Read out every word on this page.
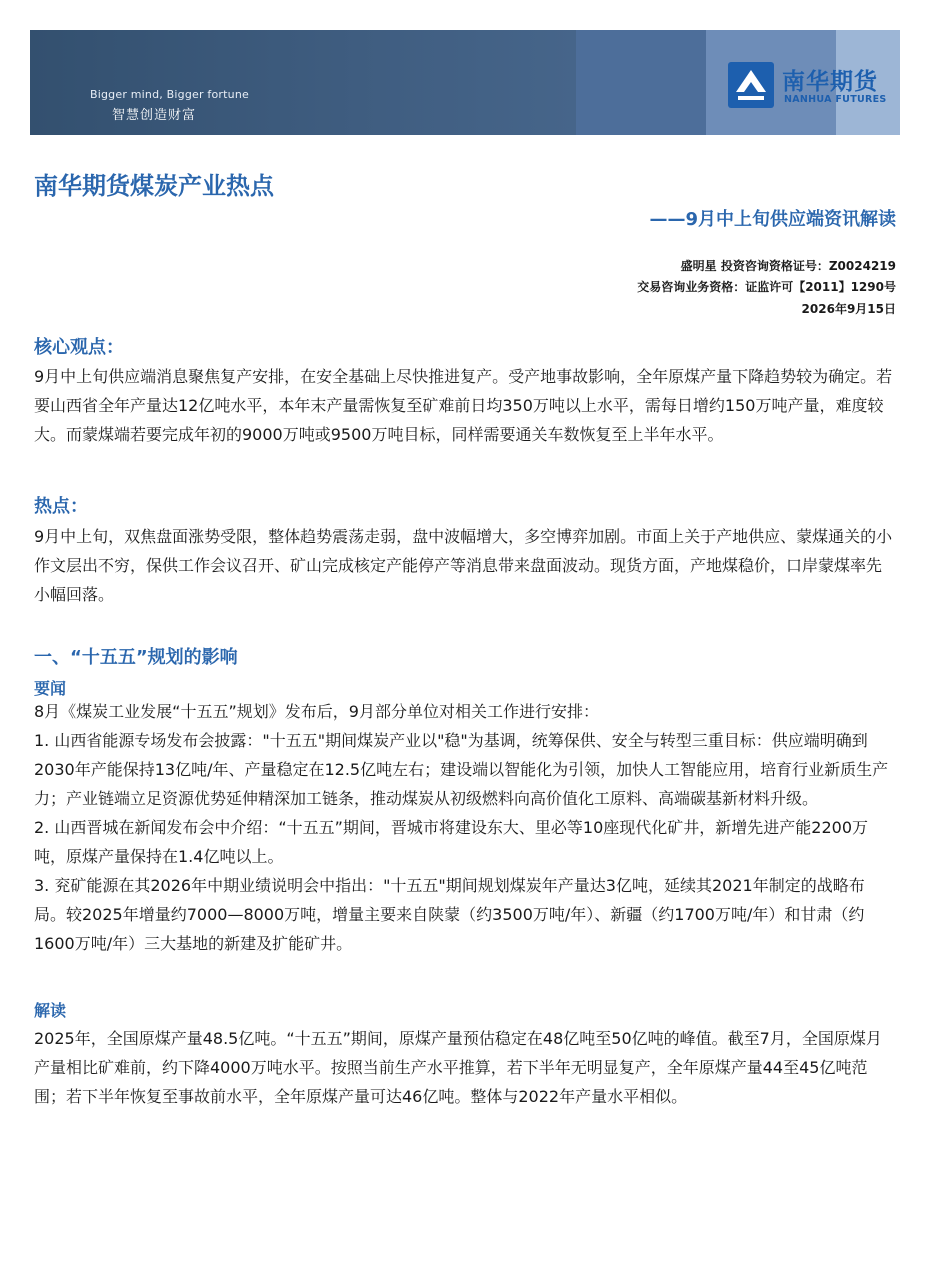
Bigger mind, Bigger fortune
智慧创造财富
南华期货
NANHUA FUTURES
南华期货煤炭产业热点
——9月中上旬供应端资讯解读
盛明星 投资咨询资格证号：Z0024219
交易咨询业务资格：证监许可【2011】1290号
2026年9月15日
核心观点：
9月中上旬供应端消息聚焦复产安排，在安全基础上尽快推进复产。受产地事故影响，全年原煤产量下降趋势较为确定。若要山西省全年产量达12亿吨水平，本年末产量需恢复至矿难前日均350万吨以上水平，需每日增约150万吨产量，难度较大。而蒙煤端若要完成年初的9000万吨或9500万吨目标，同样需要通关车数恢复至上半年水平。
热点：
9月中上旬，双焦盘面涨势受限，整体趋势震荡走弱，盘中波幅增大，多空博弈加剧。市面上关于产地供应、蒙煤通关的小作文层出不穷，保供工作会议召开、矿山完成核定产能停产等消息带来盘面波动。现货方面，产地煤稳价，口岸蒙煤率先小幅回落。
一、“十五五”规划的影响
要闻

8月《煤炭工业发展“十五五”规划》发布后，9月部分单位对相关工作进行安排：

1. 山西省能源专场发布会披露："十五五"期间煤炭产业以"稳"为基调，统筹保供、安全与转型三重目标：供应端明确到2030年产能保持13亿吨/年、产量稳定在12.5亿吨左右；建设端以智能化为引领，加快人工智能应用，培育行业新质生产力；产业链端立足资源优势延伸精深加工链条，推动煤炭从初级燃料向高价值化工原料、高端碳基新材料升级。

2. 山西晋城在新闻发布会中介绍：“十五五”期间，晋城市将建设东大、里必等10座现代化矿井，新增先进产能2200万吨，原煤产量保持在1.4亿吨以上。

3. 兖矿能源在其2026年中期业绩说明会中指出："十五五"期间规划煤炭年产量达3亿吨，延续其2021年制定的战略布局。较2025年增量约7000—8000万吨，增量主要来自陕蒙（约3500万吨/年）、新疆（约1700万吨/年）和甘肃（约1600万吨/年）三大基地的新建及扩能矿井。

解读
2025年，全国原煤产量48.5亿吨。“十五五”期间，原煤产量预估稳定在48亿吨至50亿吨的峰值。截至7月，全国原煤月产量相比矿难前，约下降4000万吨水平。按照当前生产水平推算，若下半年无明显复产，全年原煤产量44至45亿吨范围；若下半年恢复至事故前水平，全年原煤产量可达46亿吨。整体与2022年产量水平相似。
